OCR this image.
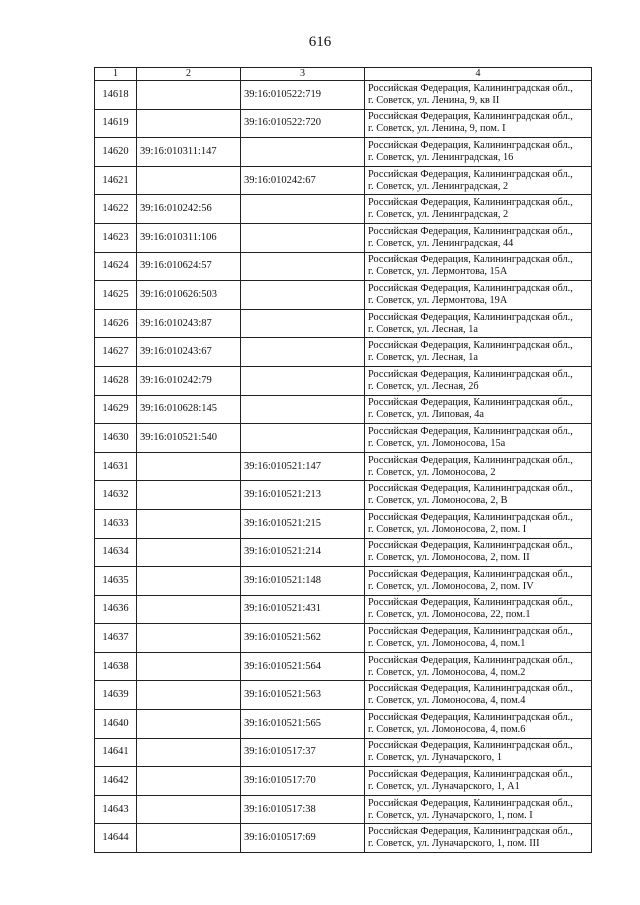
616
1	2	3	4
14618		39:16:010522:719	Российская Федерация, Калининградская обл.,
г. Советск, ул. Ленина, 9, кв II
14619		39:16:010522:720	Российская Федерация, Калининградская обл.,
г. Советск, ул. Ленина, 9, пом. I
14620	39:16:010311:147		Российская Федерация, Калининградская обл.,
г. Советск, ул. Ленинградская, 16
14621		39:16:010242:67	Российская Федерация, Калининградская обл.,
г. Советск, ул. Ленинградская, 2
14622	39:16:010242:56		Российская Федерация, Калининградская обл.,
г. Советск, ул. Ленинградская, 2
14623	39:16:010311:106		Российская Федерация, Калининградская обл.,
г. Советск, ул. Ленинградская, 44
14624	39:16:010624:57		Российская Федерация, Калининградская обл.,
г. Советск, ул. Лермонтова, 15А
14625	39:16:010626:503		Российская Федерация, Калининградская обл.,
г. Советск, ул. Лермонтова, 19А
14626	39:16:010243:87		Российская Федерация, Калининградская обл.,
г. Советск, ул. Лесная, 1а
14627	39:16:010243:67		Российская Федерация, Калининградская обл.,
г. Советск, ул. Лесная, 1а
14628	39:16:010242:79		Российская Федерация, Калининградская обл.,
г. Советск, ул. Лесная, 2б
14629	39:16:010628:145		Российская Федерация, Калининградская обл.,
г. Советск, ул. Липовая, 4а
14630	39:16:010521:540		Российская Федерация, Калининградская обл.,
г. Советск, ул. Ломоносова, 15а
14631		39:16:010521:147	Российская Федерация, Калининградская обл.,
г. Советск, ул. Ломоносова, 2
14632		39:16:010521:213	Российская Федерация, Калининградская обл.,
г. Советск, ул. Ломоносова, 2, В
14633		39:16:010521:215	Российская Федерация, Калининградская обл.,
г. Советск, ул. Ломоносова, 2, пом. I
14634		39:16:010521:214	Российская Федерация, Калининградская обл.,
г. Советск, ул. Ломоносова, 2, пом. II
14635		39:16:010521:148	Российская Федерация, Калининградская обл.,
г. Советск, ул. Ломоносова, 2, пом. IV
14636		39:16:010521:431	Российская Федерация, Калининградская обл.,
г. Советск, ул. Ломоносова, 22, пом.1
14637		39:16:010521:562	Российская Федерация, Калининградская обл.,
г. Советск, ул. Ломоносова, 4, пом.1
14638		39:16:010521:564	Российская Федерация, Калининградская обл.,
г. Советск, ул. Ломоносова, 4, пом.2
14639		39:16:010521:563	Российская Федерация, Калининградская обл.,
г. Советск, ул. Ломоносова, 4, пом.4
14640		39:16:010521:565	Российская Федерация, Калининградская обл.,
г. Советск, ул. Ломоносова, 4, пом.6
14641		39:16:010517:37	Российская Федерация, Калининградская обл.,
г. Советск, ул. Луначарского, 1
14642		39:16:010517:70	Российская Федерация, Калининградская обл.,
г. Советск, ул. Луначарского, 1, А1
14643		39:16:010517:38	Российская Федерация, Калининградская обл.,
г. Советск, ул. Луначарского, 1, пом. I
14644		39:16:010517:69	Российская Федерация, Калининградская обл.,
г. Советск, ул. Луначарского, 1, пом. III
